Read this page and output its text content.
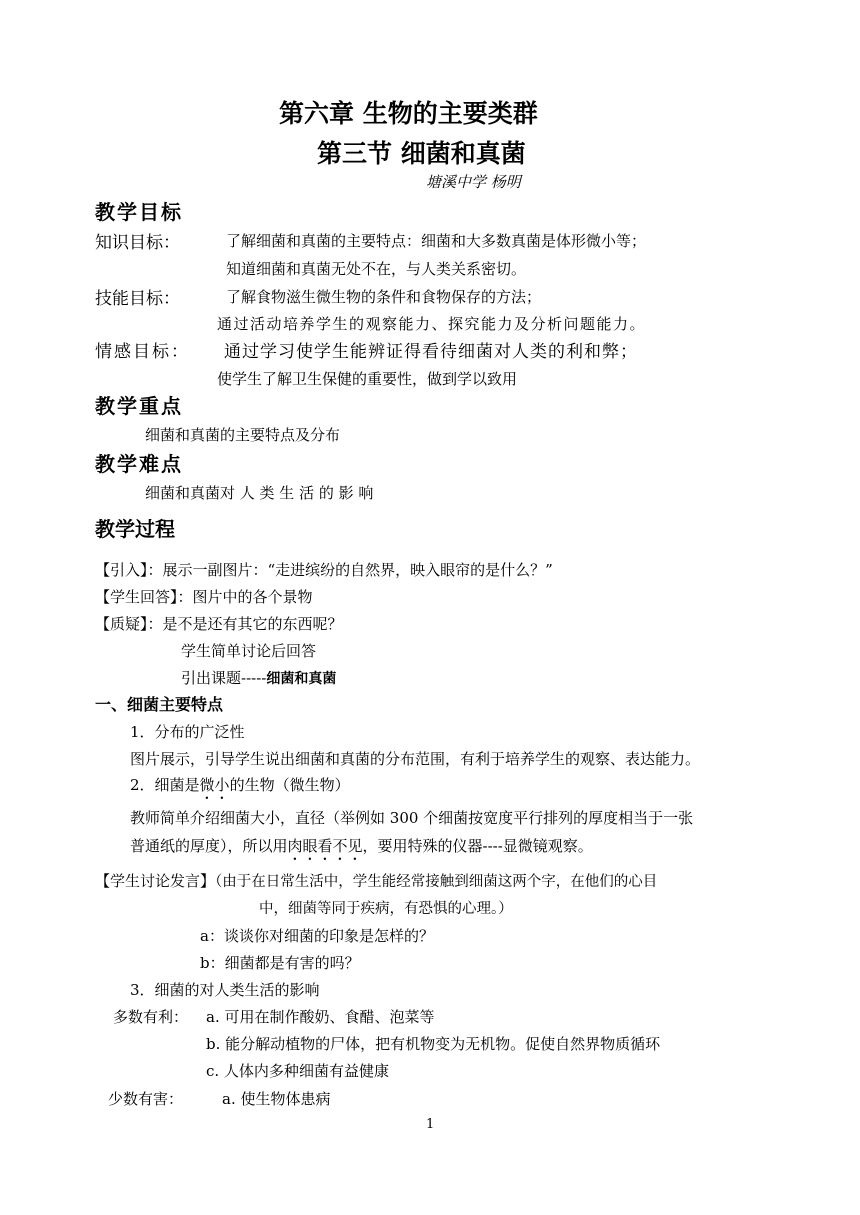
第六章 生物的主要类群
第三节 细菌和真菌
塘溪中学 杨明
教学目标
知识目标：	了解细菌和真菌的主要特点：细菌和大多数真菌是体形微小等；
知道细菌和真菌无处不在，与人类关系密切。
技能目标：	了解食物滋生微生物的条件和食物保存的方法；
通过活动培养学生的观察能力、探究能力及分析问题能力。
情感目标： 通过学习使学生能辨证得看待细菌对人类的利和弊；
使学生了解卫生保健的重要性，做到学以致用
教学重点
细菌和真菌的主要特点及分布
教学难点
细菌和真菌对 人 类 生 活 的 影 响
教学过程
【引入】：展示一副图片：“走进缤纷的自然界，映入眼帘的是什么？”
【学生回答】：图片中的各个景物
【质疑】：是不是还有其它的东西呢？
学生简单讨论后回答
引出课题-----细菌和真菌
一、细菌主要特点
1．分布的广泛性
图片展示，引导学生说出细菌和真菌的分布范围，有利于培养学生的观察、表达能力。
2．细菌是微小的生物（微生物）
教师简单介绍细菌大小，直径（举例如 300 个细菌按宽度平行排列的厚度相当于一张
普通纸的厚度），所以用肉眼看不见，要用特殊的仪器----显微镜观察。
【学生讨论发言】（由于在日常生活中，学生能经常接触到细菌这两个字，在他们的心目
中，细菌等同于疾病，有恐惧的心理。）
a：谈谈你对细菌的印象是怎样的？
b：细菌都是有害的吗？
3．细菌的对人类生活的影响
多数有利： a. 可用在制作酸奶、食醋、泡菜等
b. 能分解动植物的尸体，把有机物变为无机物。促使自然界物质循环
c. 人体内多种细菌有益健康
少数有害：	a. 使生物体患病
1
